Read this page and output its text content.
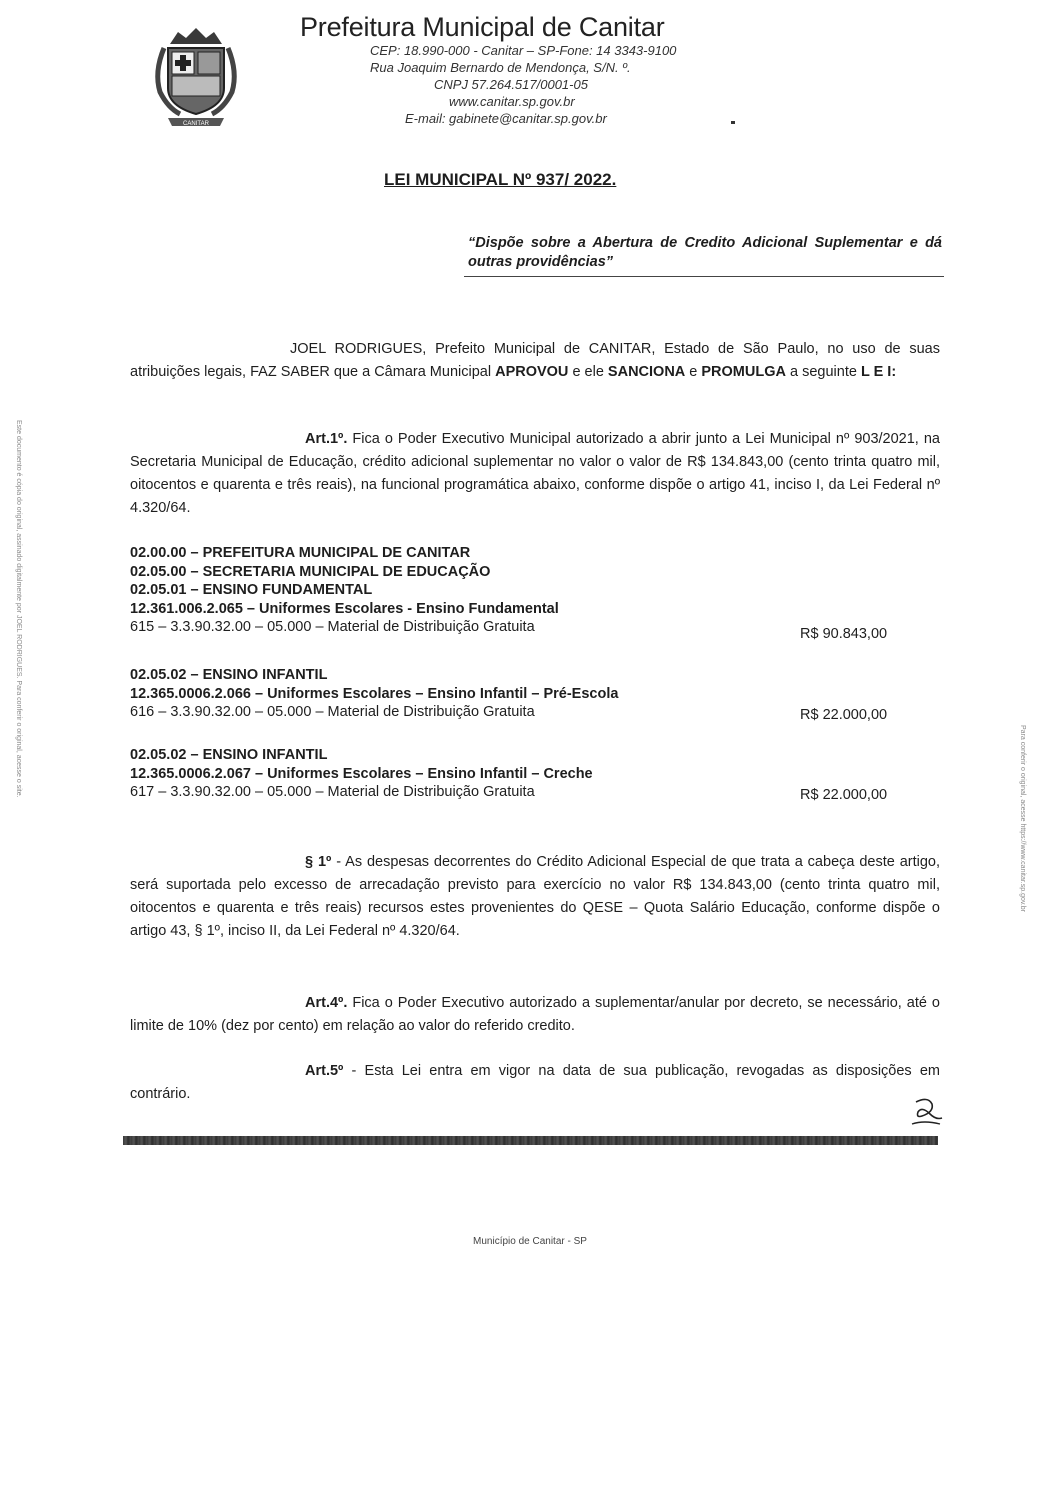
CANITAR
Prefeitura Municipal de Canitar
CEP: 18.990-000 - Canitar – SP-Fone: 14 3343-9100
Rua Joaquim Bernardo de Mendonça, S/N. º.
CNPJ 57.264.517/0001-05
www.canitar.sp.gov.br
E-mail: gabinete@canitar.sp.gov.br
LEI MUNICIPAL Nº 937/ 2022.
“Dispõe sobre a Abertura de Credito Adicional Suplementar e dá outras providências”
JOEL RODRIGUES, Prefeito Municipal de CANITAR, Estado de São Paulo, no uso de suas atribuições legais, FAZ SABER que a Câmara Municipal APROVOU e ele SANCIONA e PROMULGA a seguinte L E I:
Art.1º. Fica o Poder Executivo Municipal autorizado a abrir junto a Lei Municipal nº 903/2021, na Secretaria Municipal de Educação, crédito adicional suplementar no valor o valor de R$ 134.843,00 (cento trinta quatro mil, oitocentos e quarenta e três reais), na funcional programática abaixo, conforme dispõe o artigo 41, inciso I, da Lei Federal nº 4.320/64.
02.00.00 – PREFEITURA MUNICIPAL DE CANITAR
02.05.00 – SECRETARIA MUNICIPAL DE EDUCAÇÃO
02.05.01 – ENSINO FUNDAMENTAL
12.361.006.2.065 – Uniformes Escolares - Ensino Fundamental
615 – 3.3.90.32.00 – 05.000 – Material de Distribuição Gratuita	R$ 90.843,00
02.05.02 – ENSINO INFANTIL
12.365.0006.2.066 – Uniformes Escolares – Ensino Infantil – Pré-Escola
616 – 3.3.90.32.00 – 05.000 – Material de Distribuição Gratuita	R$ 22.000,00
02.05.02 – ENSINO INFANTIL
12.365.0006.2.067 – Uniformes Escolares – Ensino Infantil – Creche
617 – 3.3.90.32.00 – 05.000 – Material de Distribuição Gratuita	R$ 22.000,00
§ 1º - As despesas decorrentes do Crédito Adicional Especial de que trata a cabeça deste artigo, será suportada pelo excesso de arrecadação previsto para exercício no valor R$ 134.843,00 (cento trinta quatro mil, oitocentos e quarenta e três reais) recursos estes provenientes do QESE – Quota Salário Educação, conforme dispõe o artigo 43, § 1º, inciso II, da Lei Federal nº 4.320/64.
Art.4º. Fica o Poder Executivo autorizado a suplementar/anular por decreto, se necessário, até o limite de 10% (dez por cento) em relação ao valor do referido credito.
Art.5º - Esta Lei entra em vigor na data de sua publicação, revogadas as disposições em contrário.
Município de Canitar - SP
Este documento é cópia do original, assinado digitalmente por JOEL RODRIGUES. Para conferir o original, acesse o site.
Para conferir o original, acesse https://www.canitar.sp.gov.br
